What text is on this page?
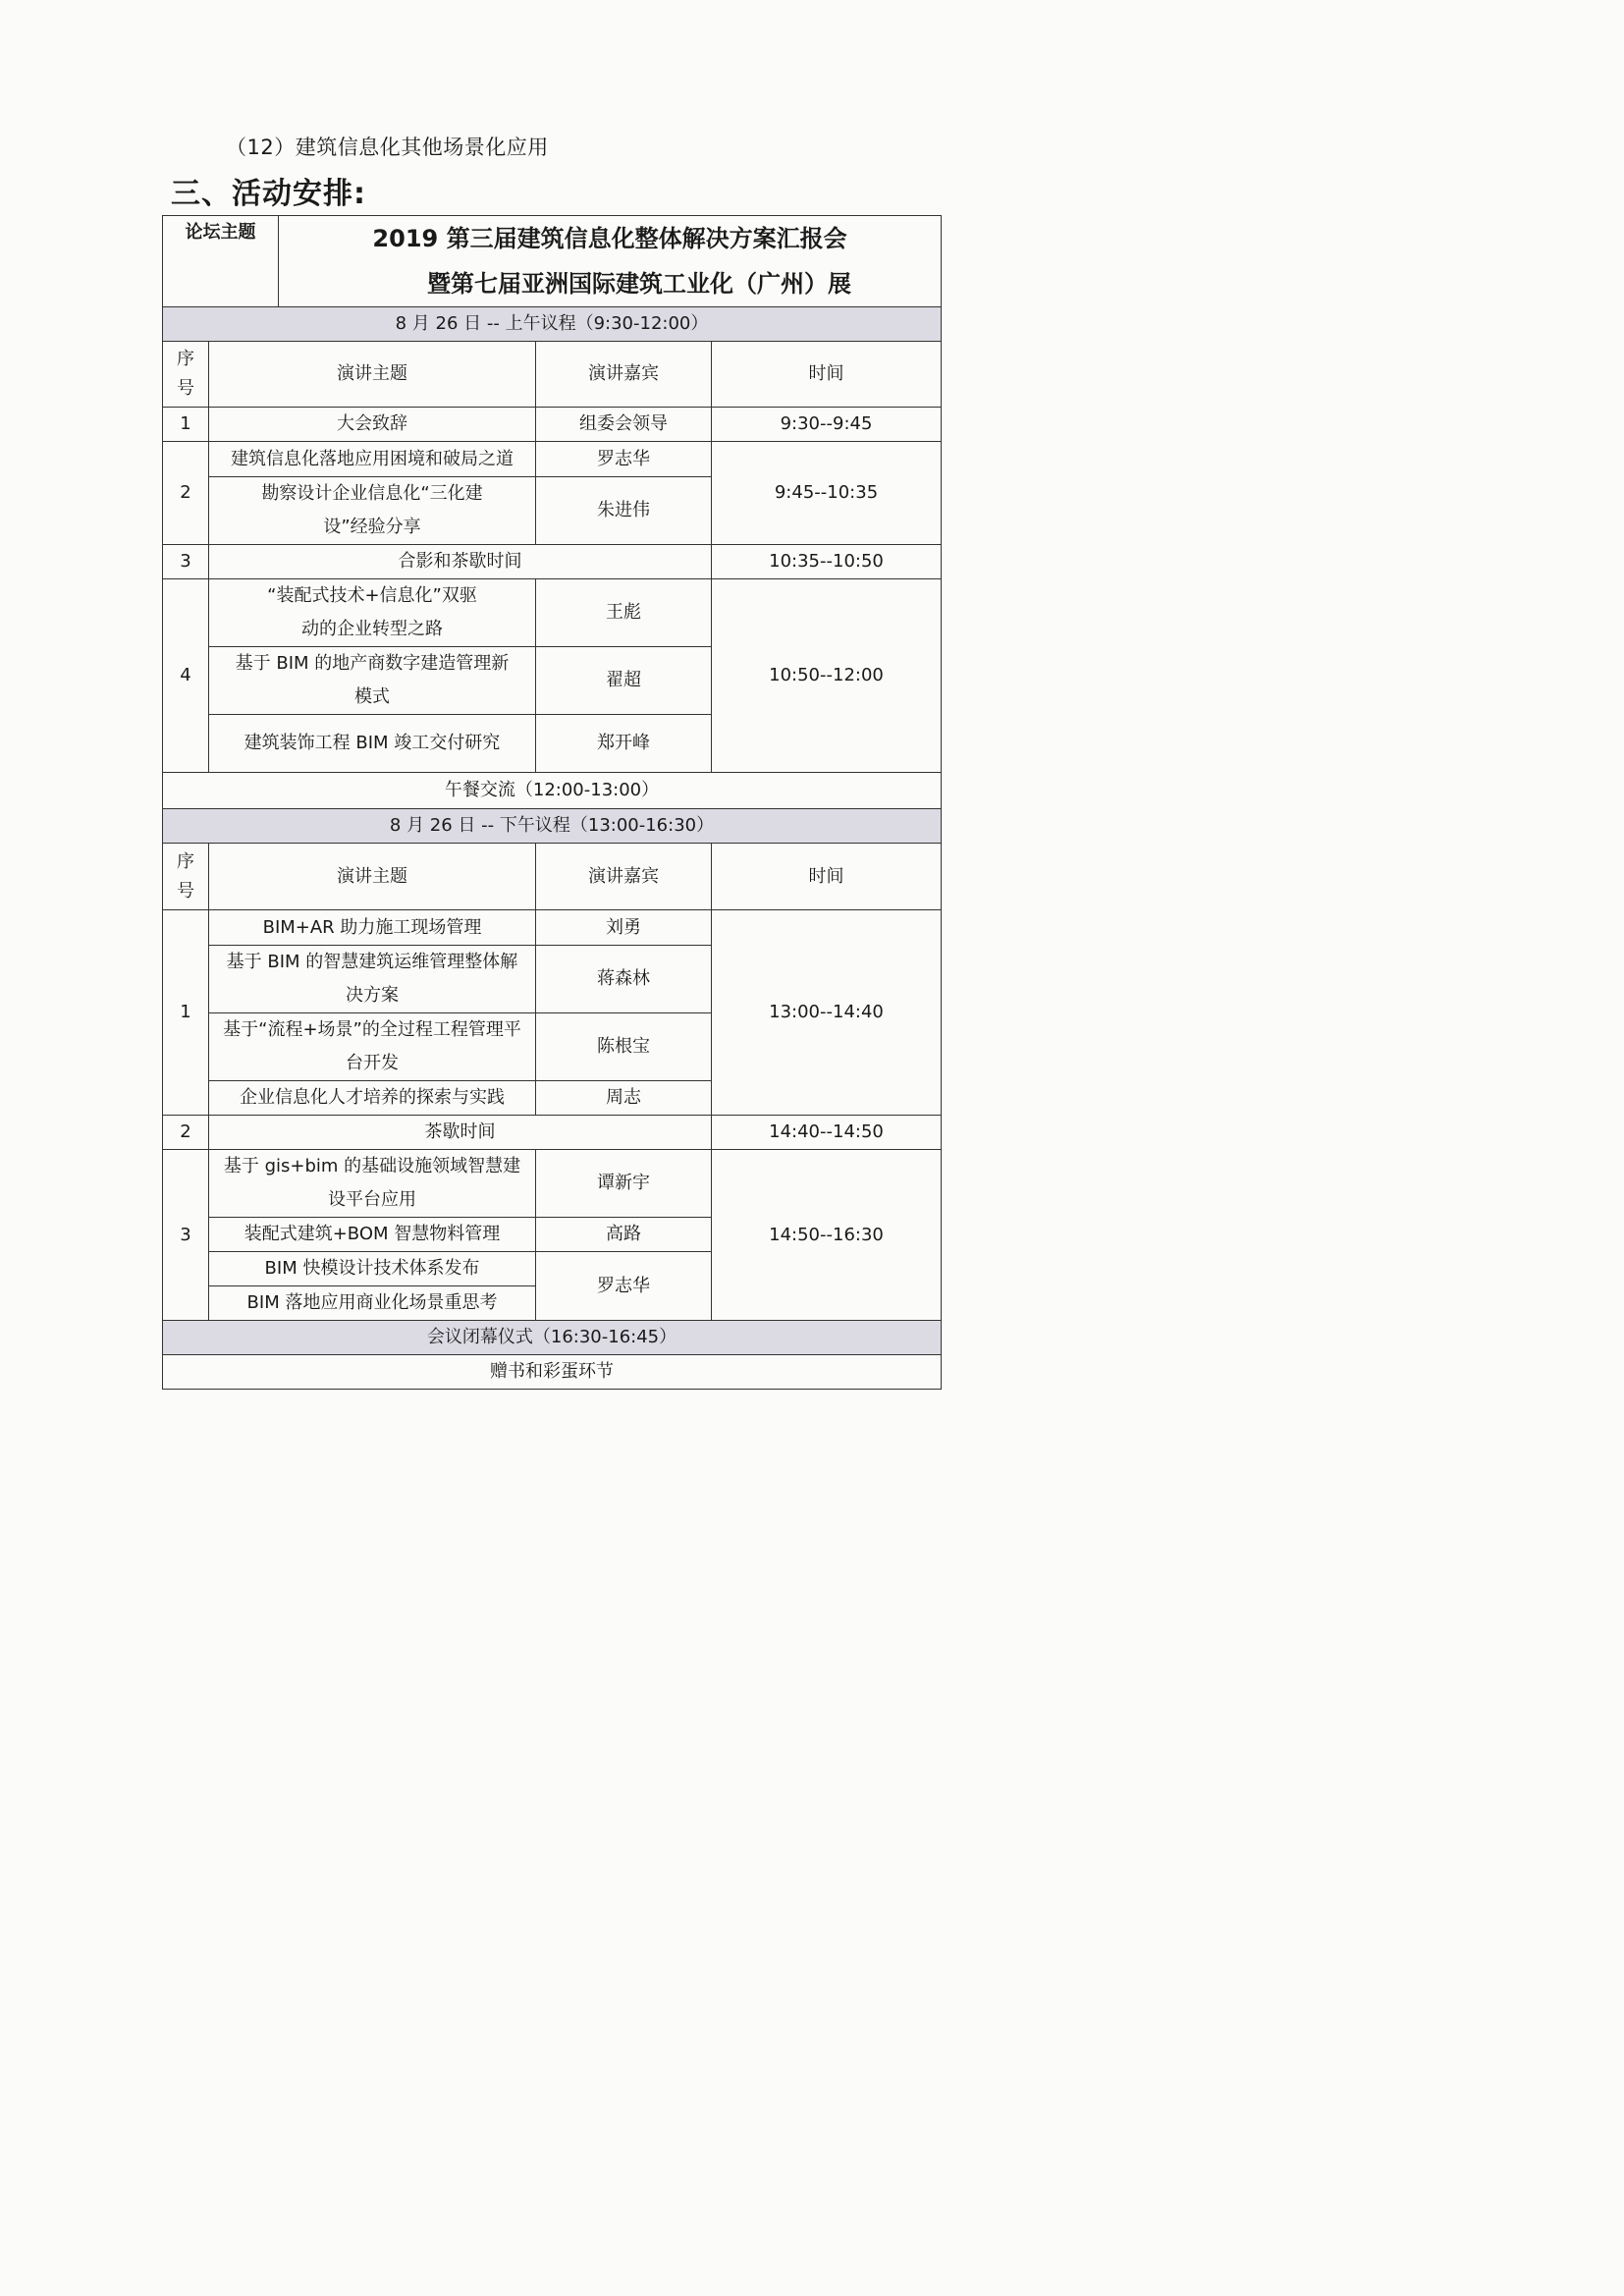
（12）建筑信息化其他场景化应用
三、活动安排:
论坛主题		2019 第三届建筑信息化整体解决方案汇报会
暨第七届亚洲国际建筑工业化（广州）展		

8 月 26 日 -- 上午议程（9:30-12:00）				

序号	演讲主题		演讲嘉宾	时间
1	大会致辞		组委会领导	9:30--9:45
2	建筑信息化落地应用困境和破局之道		罗志华	9:45--10:35
	勘察设计企业信息化“三化建设”经验分享		朱进伟	
3	合影和茶歇时间			10:35--10:50
4	“装配式技术+信息化”双驱动的企业转型之路		王彪	10:50--12:00
	基于 BIM 的地产商数字建造管理新模式		翟超	
	建筑装饰工程 BIM 竣工交付研究		郑开峰	
午餐交流（12:00-13:00）				
8 月 26 日 -- 下午议程（13:00-16:30）				

序号	演讲主题		演讲嘉宾	时间
1	BIM+AR 助力施工现场管理		刘勇	13:00--14:40
	基于 BIM 的智慧建筑运维管理整体解决方案		蒋森林	
	基于“流程+场景”的全过程工程管理平台开发		陈根宝	
	企业信息化人才培养的探索与实践		周志	
2	茶歇时间			14:40--14:50
3	基于 gis+bim 的基础设施领域智慧建设平台应用		谭新宇	14:50--16:30
	装配式建筑+BOM 智慧物料管理		高路	
	BIM 快模设计技术体系发布		罗志华	
	BIM 落地应用商业化场景重思考			
会议闭幕仪式（16:30-16:45）				
赠书和彩蛋环节				
